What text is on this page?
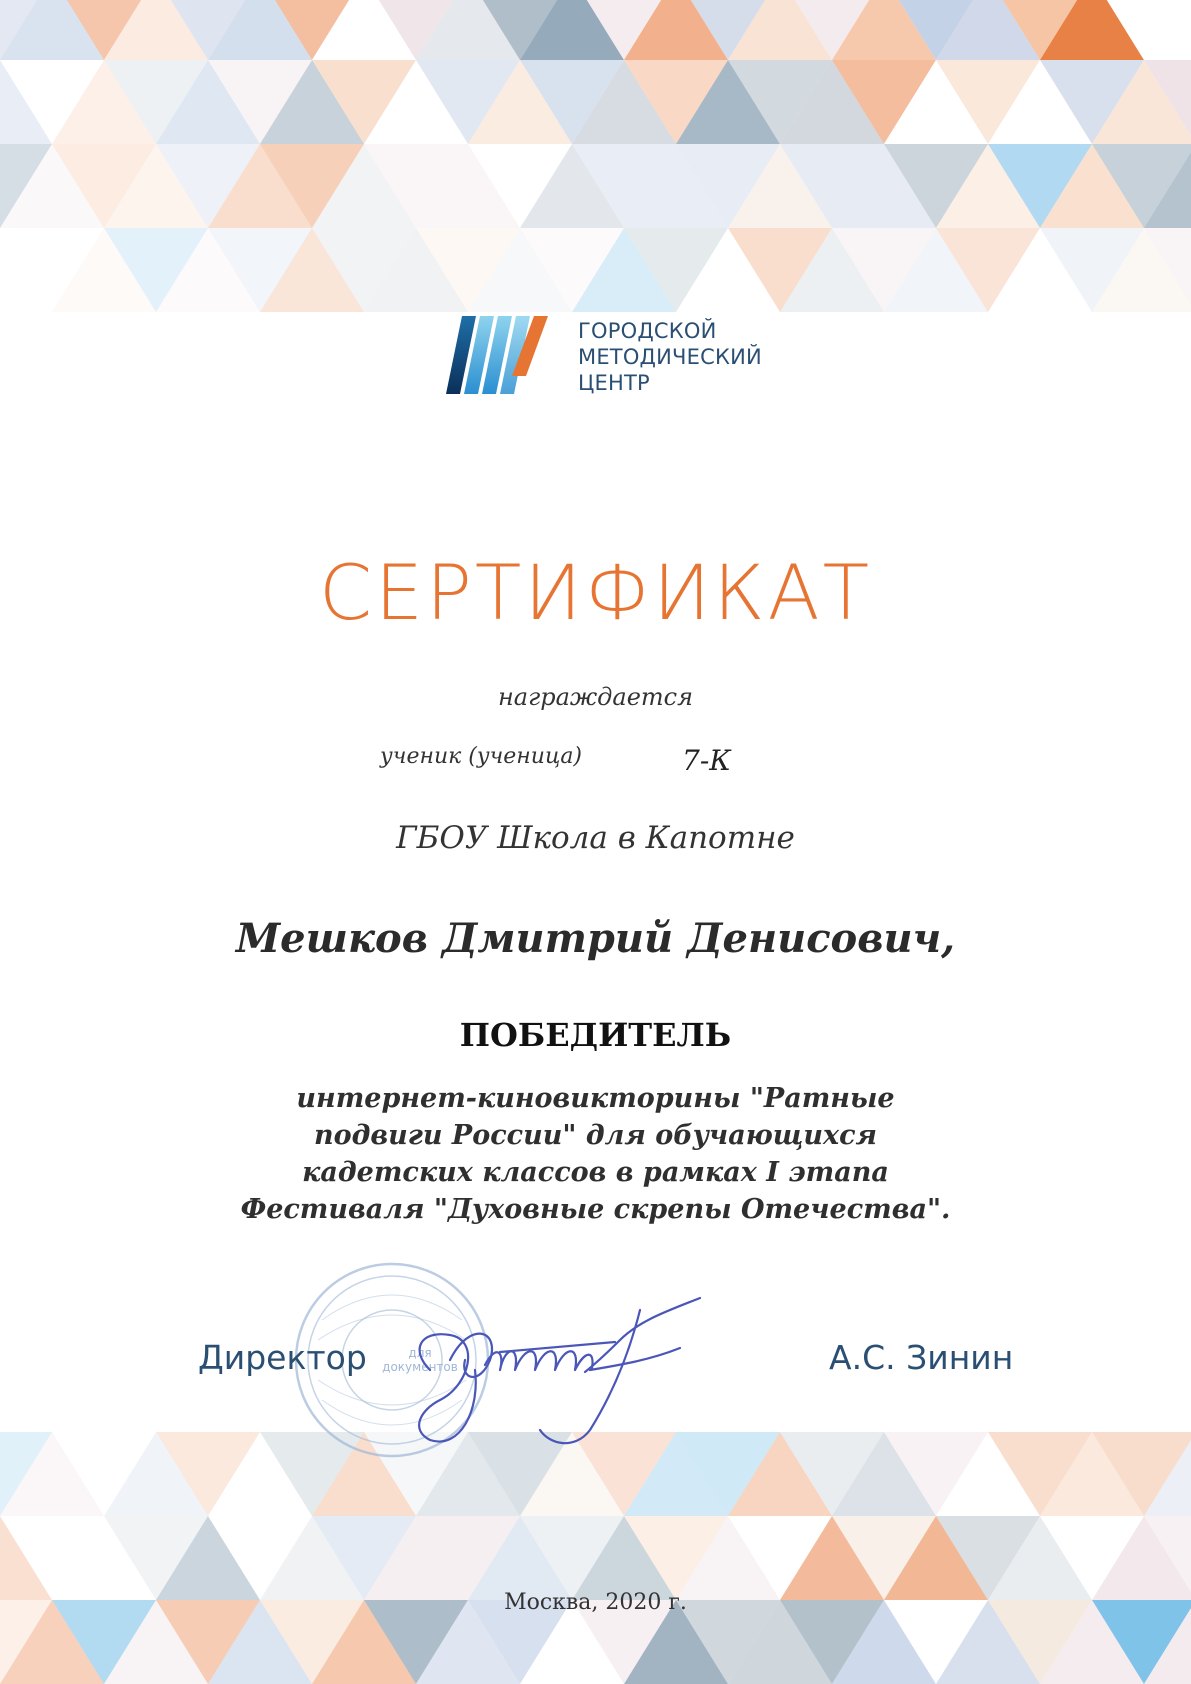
ГОРОДСКОЙ
МЕТОДИЧЕСКИЙ
ЦЕНТР
СЕРТИФИКАТ
награждается
ученик (ученица)	7-К
ГБОУ Школа в Капотне
Мешков Дмитрий Денисович,
ПОБЕДИТЕЛЬ
интернет-киновикторины "Ратные
подвиги России" для обучающихся
кадетских классов в рамках I этапа
Фестиваля "Духовные скрепы Отечества".
для документов
Директор	А.С. Зинин
Москва, 2020 г.
